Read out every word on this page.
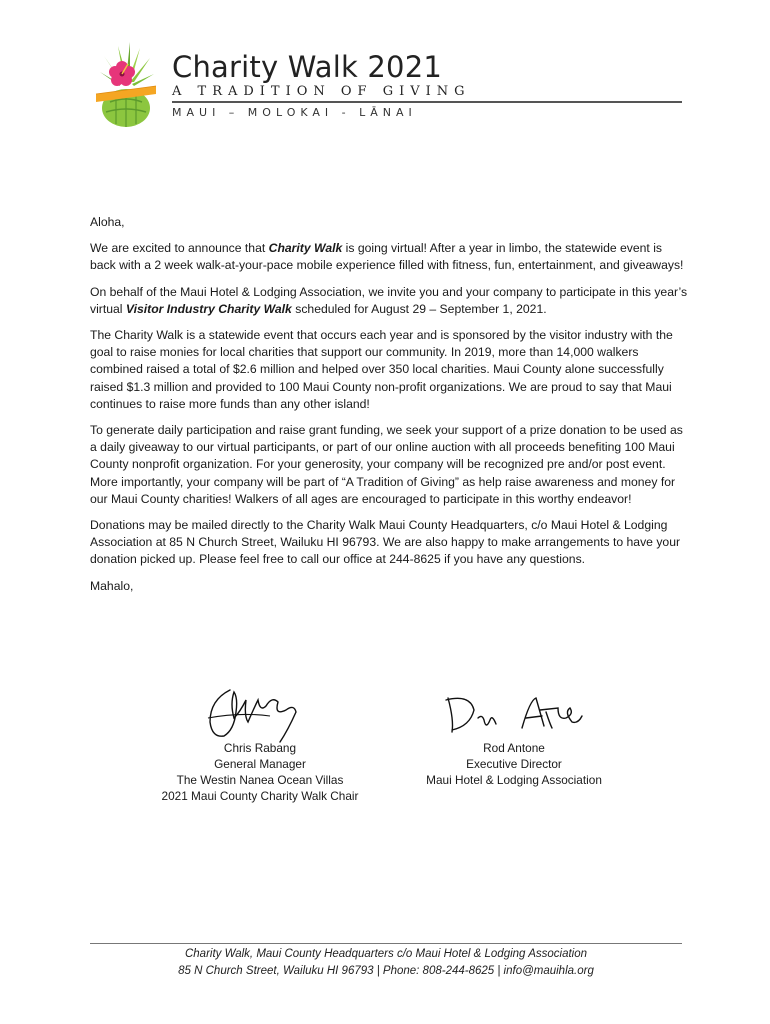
Charity Walk 2021
A TRADITION OF GIVING
MAUI – MOLOKAI - LĀNAI

Aloha,

We are excited to announce that Charity Walk is going virtual! After a year in limbo, the statewide event is back with a 2 week walk-at-your-pace mobile experience filled with fitness, fun, entertainment, and giveaways!

On behalf of the Maui Hotel & Lodging Association, we invite you and your company to participate in this year’s virtual Visitor Industry Charity Walk scheduled for August 29 – September 1, 2021.

The Charity Walk is a statewide event that occurs each year and is sponsored by the visitor industry with the goal to raise monies for local charities that support our community. In 2019, more than 14,000 walkers combined raised a total of $2.6 million and helped over 350 local charities. Maui County alone successfully raised $1.3 million and provided to 100 Maui County non-profit organizations. We are proud to say that Maui continues to raise more funds than any other island!

To generate daily participation and raise grant funding, we seek your support of a prize donation to be used as a daily giveaway to our virtual participants, or part of our online auction with all proceeds benefiting 100 Maui County nonprofit organization. For your generosity, your company will be recognized pre and/or post event. More importantly, your company will be part of “A Tradition of Giving” as help raise awareness and money for our Maui County charities! Walkers of all ages are encouraged to participate in this worthy endeavor!

Donations may be mailed directly to the Charity Walk Maui County Headquarters, c/o Maui Hotel & Lodging Association at 85 N Church Street, Wailuku HI 96793. We are also happy to make arrangements to have your donation picked up. Please feel free to call our office at 244-8625 if you have any questions.

Mahalo,

Chris Rabang
General Manager
The Westin Nanea Ocean Villas
2021 Maui County Charity Walk Chair
Rod Antone
Executive Director
Maui Hotel & Lodging Association
Charity Walk, Maui County Headquarters c/o Maui Hotel & Lodging Association
85 N Church Street, Wailuku HI 96793 | Phone: 808-244-8625 | info@mauihla.org
